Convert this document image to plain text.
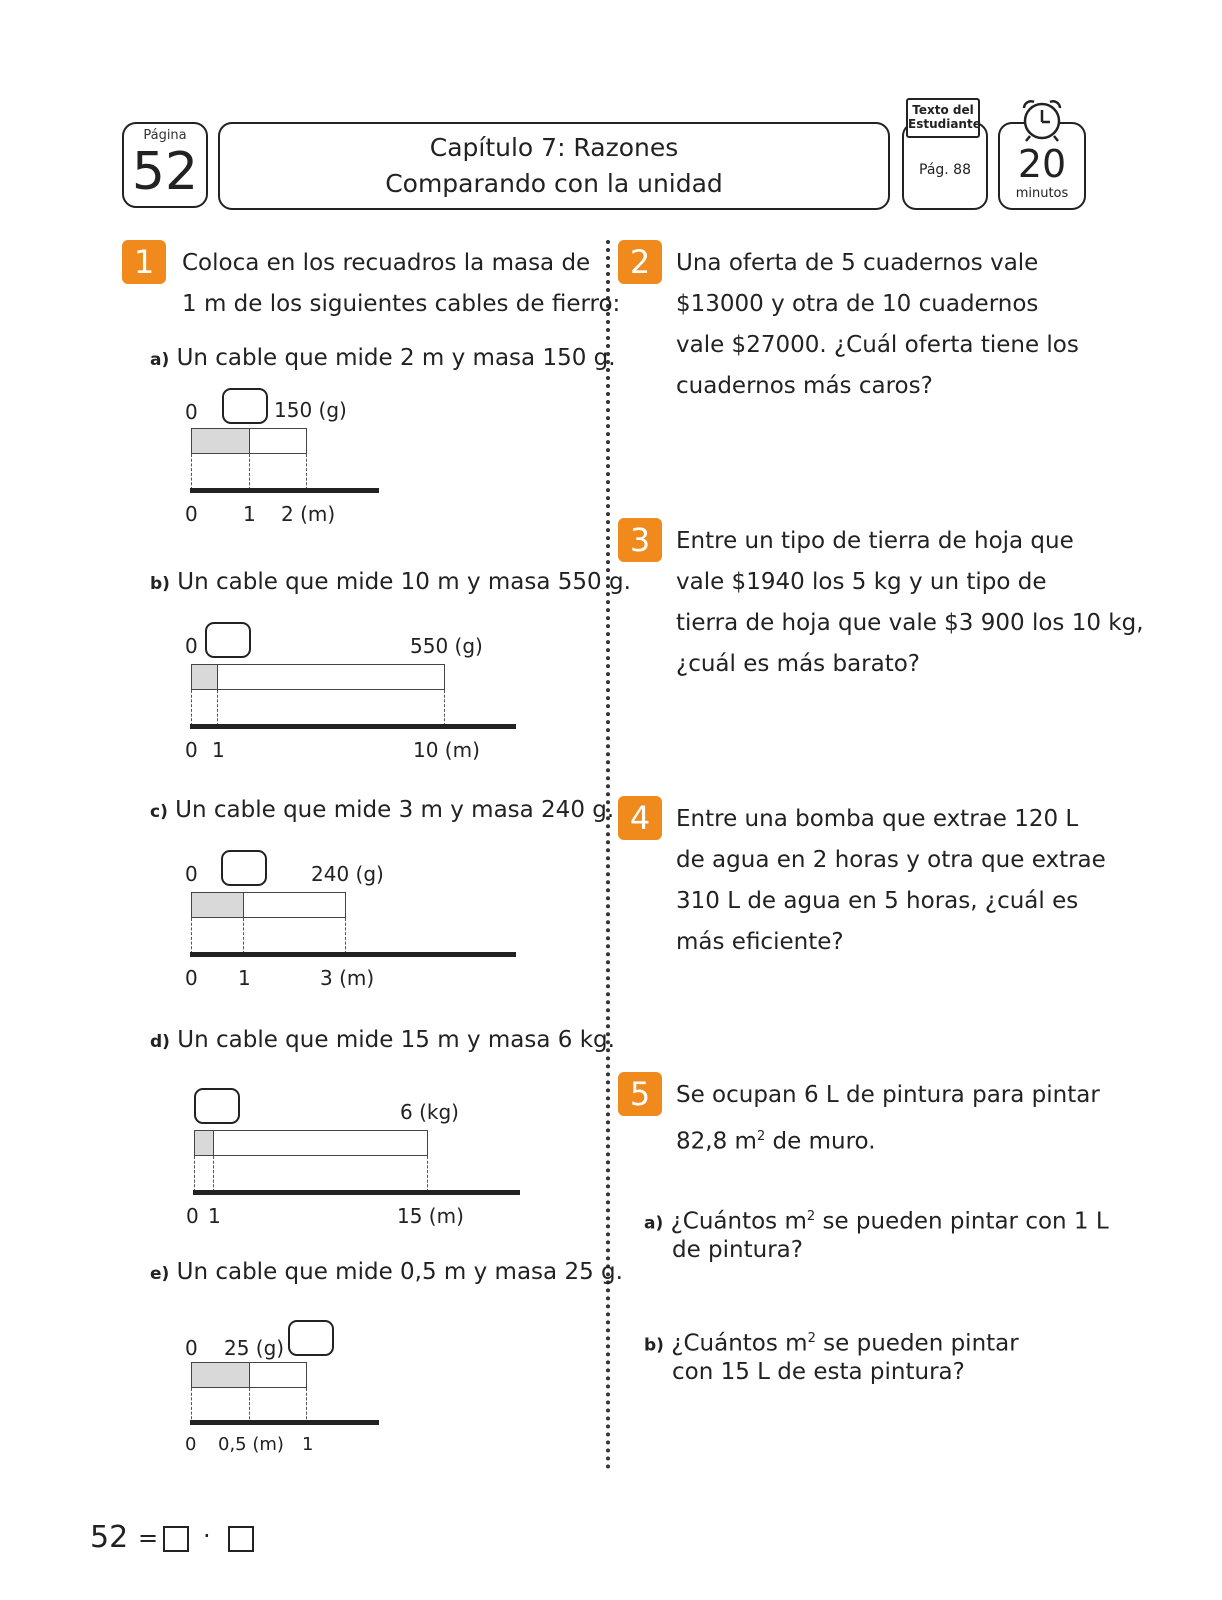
Página
52	Capítulo 7: Razones
Comparando con la unidad	Pág. 88
Texto del
Estudiante
20
minutos
1	Coloca en los recuadros la masa de
1 m de los siguientes cables de fierro:
a) Un cable que mide 2 m y masa 150 g.
0	150 (g)
0 1 2 (m)
b) Un cable que mide 10 m y masa 550 g.
0	550 (g)
0 1	10 (m)
c) Un cable que mide 3 m y masa 240 g.
0	240 (g)
0 1	3 (m)
d) Un cable que mide 15 m y masa 6 kg.
6 (kg)
0 1	15 (m)
e) Un cable que mide 0,5 m y masa 25 g.
0 25 (g)
0 0,5 (m) 1
2	Una oferta de 5 cuadernos vale
$13000 y otra de 10 cuadernos
vale $27000. ¿Cuál oferta tiene los
cuadernos más caros?
3	Entre un tipo de tierra de hoja que
vale $1940 los 5 kg y un tipo de
tierra de hoja que vale $3 900 los 10 kg,
¿cuál es más barato?
4	Entre una bomba que extrae 120 L
de agua en 2 horas y otra que extrae
310 L de agua en 5 horas, ¿cuál es
más eficiente?
5	Se ocupan 6 L de pintura para pintar
82,8 $m^2$ de muro.
a) ¿Cuántos $m^2$ se pueden pintar con 1 L
de pintura?
b) ¿Cuántos $m^2$ se pueden pintar
con 15 L de esta pintura?
52 = ·
